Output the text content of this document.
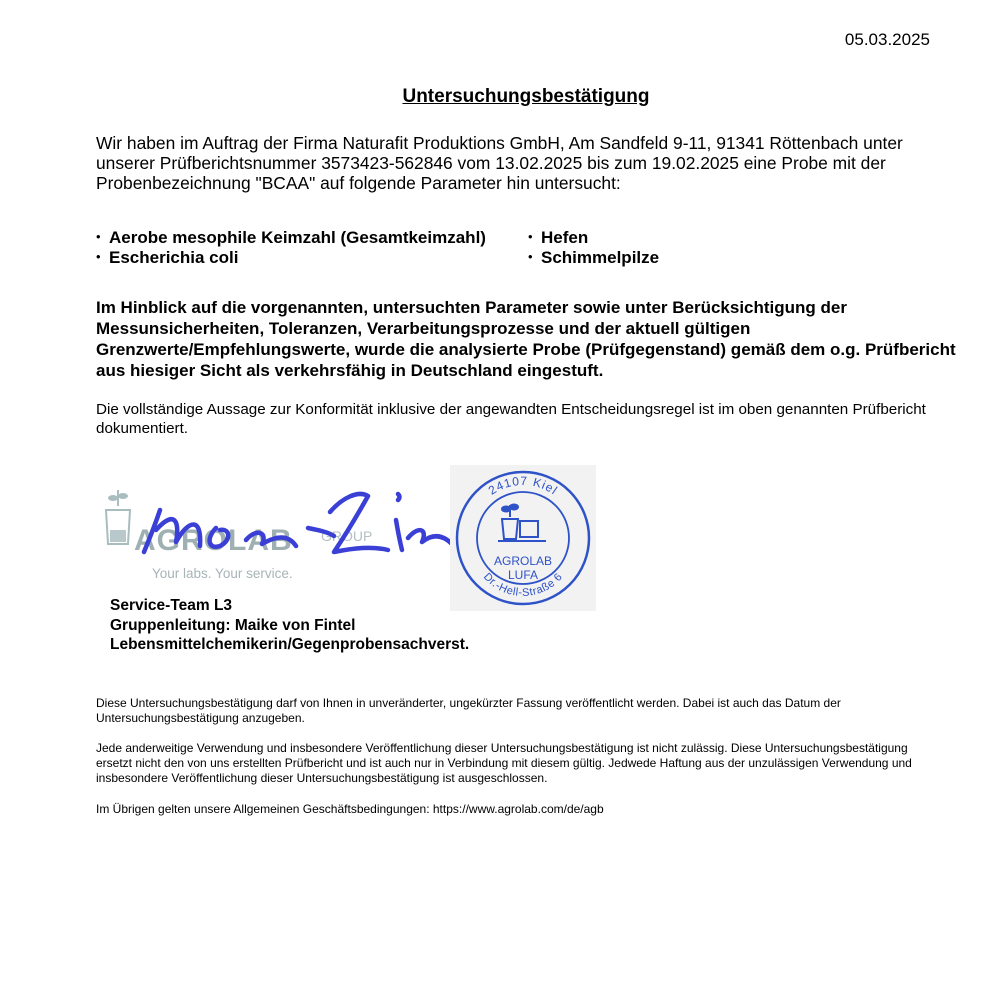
05.03.2025
Untersuchungsbestätigung
Wir haben im Auftrag der Firma Naturafit Produktions GmbH, Am Sandfeld 9-11, 91341 Röttenbach unter unserer Prüfberichtsnummer 3573423-562846 vom 13.02.2025 bis zum 19.02.2025 eine Probe mit der Probenbezeichnung "BCAA" auf folgende Parameter hin untersucht:
• Aerobe mesophile Keimzahl (Gesamtkeimzahl)
• Escherichia coli
• Hefen
• Schimmelpilze
Im Hinblick auf die vorgenannten, untersuchten Parameter sowie unter Berücksichtigung der Messunsicherheiten, Toleranzen, Verarbeitungsprozesse und der aktuell gültigen Grenzwerte/Empfehlungswerte, wurde die analysierte Probe (Prüfgegenstand) gemäß dem o.g. Prüfbericht aus hiesiger Sicht als verkehrsfähig in Deutschland eingestuft.
Die vollständige Aussage zur Konformität inklusive der angewandten Entscheidungsregel ist im oben genannten Prüfbericht dokumentiert.
AGROLAB GROUP
Your labs. Your service.
24107 Kiel
Dr.-Hell-Straße 6
AGROLAB
LUFA
Service-Team L3
Gruppenleitung: Maike von Fintel
Lebensmittelchemikerin/Gegenprobensachverst.
Diese Untersuchungsbestätigung darf von Ihnen in unveränderter, ungekürzter Fassung veröffentlicht werden. Dabei ist auch das Datum der Untersuchungsbestätigung anzugeben.
Jede anderweitige Verwendung und insbesondere Veröffentlichung dieser Untersuchungsbestätigung ist nicht zulässig. Diese Untersuchungsbestätigung ersetzt nicht den von uns erstellten Prüfbericht und ist auch nur in Verbindung mit diesem gültig. Jedwede Haftung aus der unzulässigen Verwendung und insbesondere Veröffentlichung dieser Untersuchungsbestätigung ist ausgeschlossen.
Im Übrigen gelten unsere Allgemeinen Geschäftsbedingungen: https://www.agrolab.com/de/agb
